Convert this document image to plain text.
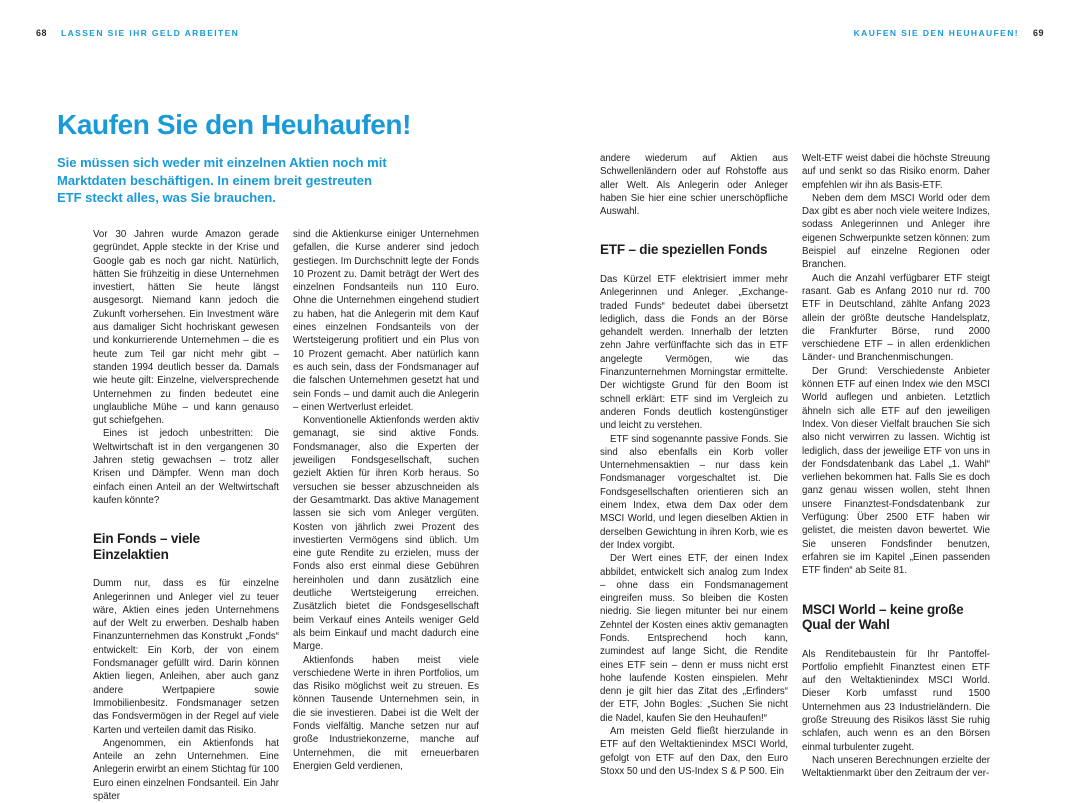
68 LASSEN SIE IHR GELD ARBEITEN	KAUFEN SIE DEN HEUHAUFEN! 69
Kaufen Sie den Heuhaufen!

Sie müssen sich weder mit einzelnen Aktien noch mit Marktdaten beschäftigen. In einem breit gestreuten ETF steckt alles, was Sie brauchen.

Vor 30 Jahren wurde Amazon gerade gegründet, Apple steckte in der Krise und Google gab es noch gar nicht. Natürlich, hätten Sie frühzeitig in diese Unternehmen investiert, hätten Sie heute längst ausgesorgt. Niemand kann jedoch die Zukunft vorhersehen. Ein Investment wäre aus damaliger Sicht hochriskant gewesen und konkurrierende Unternehmen – die es heute zum Teil gar nicht mehr gibt – standen 1994 deutlich besser da. Damals wie heute gilt: Einzelne, vielversprechende Unternehmen zu finden bedeutet eine unglaubliche Mühe – und kann genauso gut schiefgehen.

Eines ist jedoch unbestritten: Die Weltwirtschaft ist in den vergangenen 30 Jahren stetig gewachsen – trotz aller Krisen und Dämpfer. Wenn man doch einfach einen Anteil an der Weltwirtschaft kaufen könnte?

Ein Fonds – viele Einzelaktien

Dumm nur, dass es für einzelne Anlegerinnen und Anleger viel zu teuer wäre, Aktien eines jeden Unternehmens auf der Welt zu erwerben. Deshalb haben Finanzunternehmen das Konstrukt „Fonds“ entwickelt: Ein Korb, der von einem Fondsmanager gefüllt wird. Darin können Aktien liegen, Anleihen, aber auch ganz andere Wertpapiere sowie Immobilienbesitz. Fondsmanager setzen das Fondsvermögen in der Regel auf viele Karten und verteilen damit das Risiko.

Angenommen, ein Aktienfonds hat Anteile an zehn Unternehmen. Eine Anlegerin erwirbt an einem Stichtag für 100 Euro einen einzelnen Fondsanteil. Ein Jahr später

sind die Aktienkurse einiger Unternehmen gefallen, die Kurse anderer sind jedoch gestiegen. Im Durchschnitt legte der Fonds 10 Prozent zu. Damit beträgt der Wert des einzelnen Fondsanteils nun 110 Euro. Ohne die Unternehmen eingehend studiert zu haben, hat die Anlegerin mit dem Kauf eines einzelnen Fondsanteils von der Wertsteigerung profitiert und ein Plus von 10 Prozent gemacht. Aber natürlich kann es auch sein, dass der Fondsmanager auf die falschen Unternehmen gesetzt hat und sein Fonds – und damit auch die Anlegerin – einen Wertverlust erleidet.

Konventionelle Aktienfonds werden aktiv gemanagt, sie sind aktive Fonds. Fondsmanager, also die Experten der jeweiligen Fondsgesellschaft, suchen gezielt Aktien für ihren Korb heraus. So versuchen sie besser abzuschneiden als der Gesamtmarkt. Das aktive Management lassen sie sich vom Anleger vergüten. Kosten von jährlich zwei Prozent des investierten Vermögens sind üblich. Um eine gute Rendite zu erzielen, muss der Fonds also erst einmal diese Gebühren hereinholen und dann zusätzlich eine deutliche Wertsteigerung erreichen. Zusätzlich bietet die Fondsgesellschaft beim Verkauf eines Anteils weniger Geld als beim Einkauf und macht dadurch eine Marge.

Aktienfonds haben meist viele verschiedene Werte in ihren Portfolios, um das Risiko möglichst weit zu streuen. Es können Tausende Unternehmen sein, in die sie investieren. Dabei ist die Welt der Fonds vielfältig. Manche setzen nur auf große Industriekonzerne, manche auf Unternehmen, die mit erneuerbaren Energien Geld verdienen,

andere wiederum auf Aktien aus Schwellenländern oder auf Rohstoffe aus aller Welt. Als Anlegerin oder Anleger haben Sie hier eine schier unerschöpfliche Auswahl.

ETF – die speziellen Fonds

Das Kürzel ETF elektrisiert immer mehr Anlegerinnen und Anleger. „Exchange-traded Funds“ bedeutet dabei übersetzt lediglich, dass die Fonds an der Börse gehandelt werden. Innerhalb der letzten zehn Jahre verfünffachte sich das in ETF angelegte Vermögen, wie das Finanzunternehmen Morningstar ermittelte. Der wichtigste Grund für den Boom ist schnell erklärt: ETF sind im Vergleich zu anderen Fonds deutlich kostengünstiger und leicht zu verstehen.

ETF sind sogenannte passive Fonds. Sie sind also ebenfalls ein Korb voller Unternehmensaktien – nur dass kein Fondsmanager vorgeschaltet ist. Die Fondsgesellschaften orientieren sich an einem Index, etwa dem Dax oder dem MSCI World, und legen dieselben Aktien in derselben Gewichtung in ihren Korb, wie es der Index vorgibt.

Der Wert eines ETF, der einen Index abbildet, entwickelt sich analog zum Index – ohne dass ein Fondsmanagement eingreifen muss. So bleiben die Kosten niedrig. Sie liegen mitunter bei nur einem Zehntel der Kosten eines aktiv gemanagten Fonds. Entsprechend hoch kann, zumindest auf lange Sicht, die Rendite eines ETF sein – denn er muss nicht erst hohe laufende Kosten einspielen. Mehr denn je gilt hier das Zitat des „Erfinders“ der ETF, John Bogles: „Suchen Sie nicht die Nadel, kaufen Sie den Heuhaufen!“

Am meisten Geld fließt hierzulande in ETF auf den Weltaktienindex MSCI World, gefolgt von ETF auf den Dax, den Euro Stoxx 50 und den US-Index S & P 500. Ein

Welt-ETF weist dabei die höchste Streuung auf und senkt so das Risiko enorm. Daher empfehlen wir ihn als Basis-ETF.

Neben dem dem MSCI World oder dem Dax gibt es aber noch viele weitere Indizes, sodass Anlegerinnen und Anleger ihre eigenen Schwerpunkte setzen können: zum Beispiel auf einzelne Regionen oder Branchen.

Auch die Anzahl verfügbarer ETF steigt rasant. Gab es Anfang 2010 nur rd. 700 ETF in Deutschland, zählte Anfang 2023 allein der größte deutsche Handelsplatz, die Frankfurter Börse, rund 2000 verschiedene ETF – in allen erdenklichen Länder- und Branchenmischungen.

Der Grund: Verschiedenste Anbieter können ETF auf einen Index wie den MSCI World auflegen und anbieten. Letztlich ähneln sich alle ETF auf den jeweiligen Index. Von dieser Vielfalt brauchen Sie sich also nicht verwirren zu lassen. Wichtig ist lediglich, dass der jeweilige ETF von uns in der Fondsdatenbank das Label „1. Wahl“ verliehen bekommen hat. Falls Sie es doch ganz genau wissen wollen, steht Ihnen unsere Finanztest-Fondsdatenbank zur Verfügung: Über 2500 ETF haben wir gelistet, die meisten davon bewertet. Wie Sie unseren Fondsfinder benutzen, erfahren sie im Kapitel „Einen passenden ETF finden“ ab Seite 81.

MSCI World – keine große Qual der Wahl

Als Renditebaustein für Ihr Pantoffel-Portfolio empfiehlt Finanztest einen ETF auf den Weltaktienindex MSCI World. Dieser Korb umfasst rund 1500 Unternehmen aus 23 Industrieländern. Die große Streuung des Risikos lässt Sie ruhig schlafen, auch wenn es an den Börsen einmal turbulenter zugeht.

Nach unseren Berechnungen erzielte der Weltaktienmarkt über den Zeitraum der ver-
